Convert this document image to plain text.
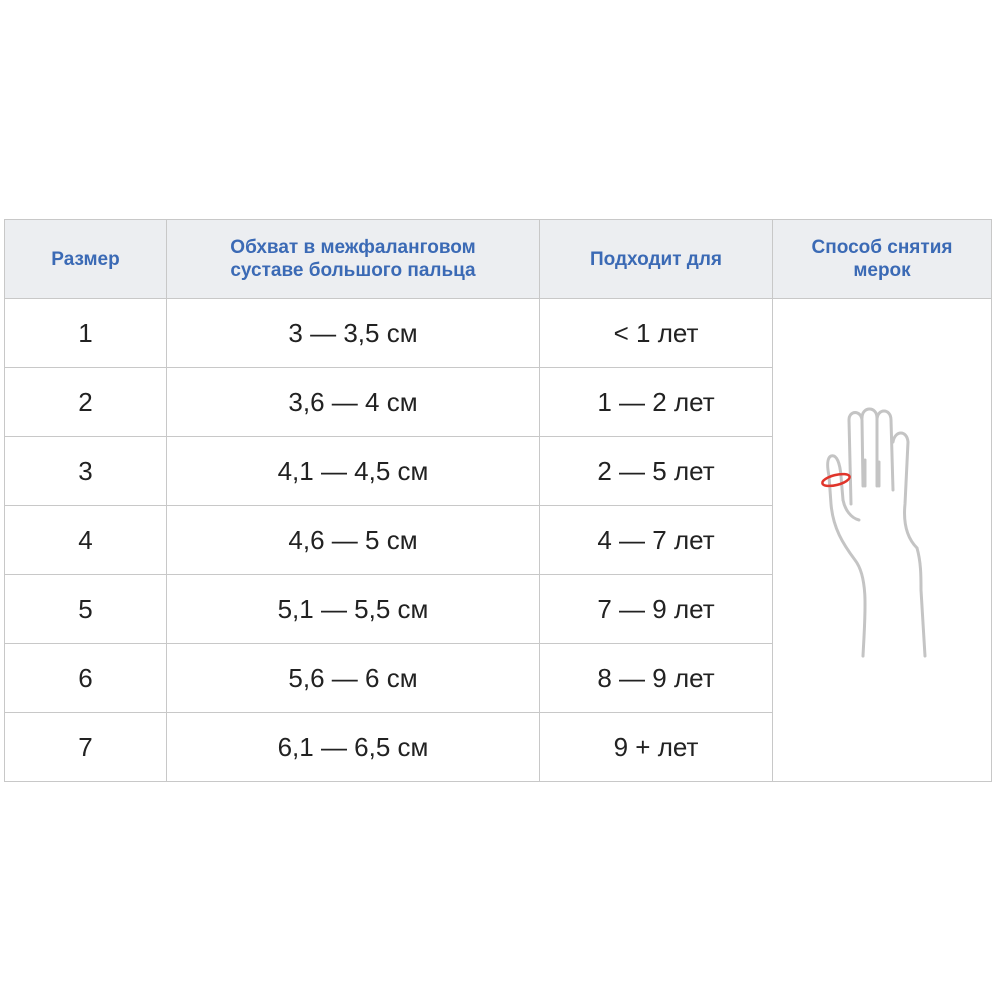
Размер	Обхват в межфаланговом суставе большого пальца	Подходит для	Способ снятия мерок

1	3 — 3,5 см	< 1 лет	

2	3,6 — 4 см	1 — 2 лет	
3	4,1 — 4,5 см	2 — 5 лет	
4	4,6 — 5 см	4 — 7 лет	
5	5,1 — 5,5 см	7 — 9 лет	
6	5,6 — 6 см	8 — 9 лет	
7	6,1 — 6,5 см	9 + лет	
